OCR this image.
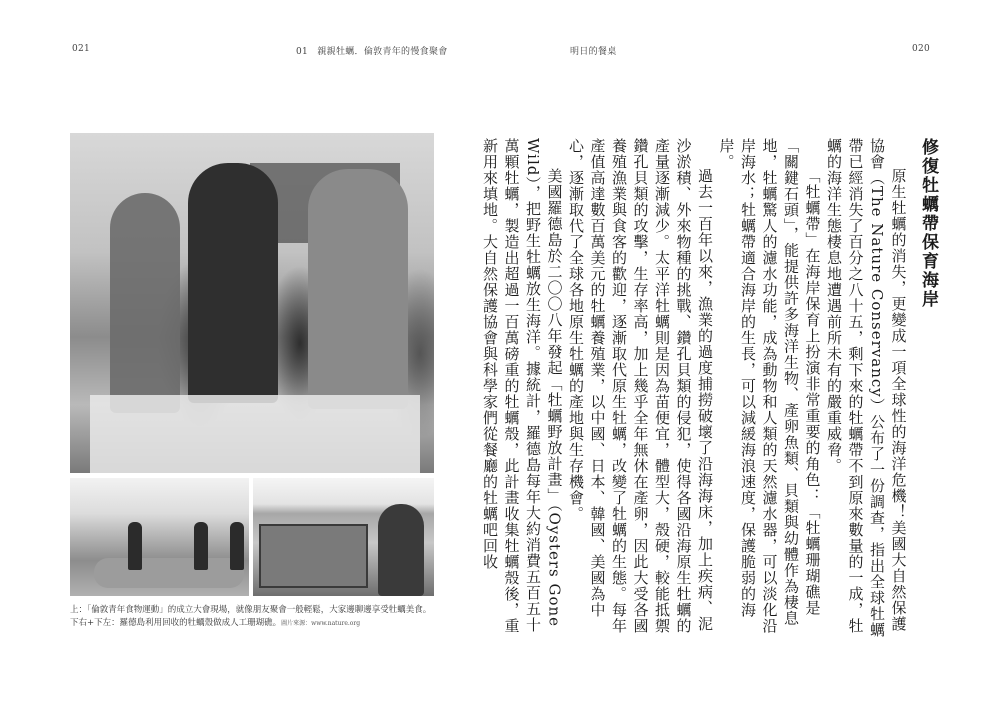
021	01　親親牡蠣．倫敦青年的慢食聚會	明日的餐桌	020
上：「倫敦青年食物運動」的成立大會現場，就像朋友聚會一般輕鬆，大家邊聊邊享受牡蠣美食。
下右+下左：羅德島利用回收的牡蠣殼做成人工珊瑚礁。圖片來源：www.nature.org
修復牡蠣帶保育海岸

原生牡蠣的消失，更變成一項全球性的海洋危機！美國大自然保護協會（The Nature Conservancy）公布了一份調查，指出全球牡蠣帶已經消失了百分之八十五，剩下來的牡蠣帶不到原來數量的一成，牡蠣的海洋生態棲息地遭遇前所未有的嚴重威脅。

「牡蠣帶」在海岸保育上扮演非常重要的角色：「牡蠣珊瑚礁是「關鍵石頭」，能提供許多海洋生物、產卵魚類、貝類與幼體作為棲息地，牡蠣驚人的濾水功能，成為動物和人類的天然濾水器，可以淡化沿岸海水；牡蠣帶適合海岸的生長，可以減緩海浪速度，保護脆弱的海岸。

過去一百年以來，漁業的過度捕撈破壞了沿海海床，加上疾病、泥沙淤積、外來物種的挑戰、鑽孔貝類的侵犯，使得各國沿海原生牡蠣的產量逐漸減少。太平洋牡蠣則是因為苗便宜，體型大，殼硬，較能抵禦鑽孔貝類的攻擊，生存率高，加上幾乎全年無休在產卵，因此大受各國養殖漁業與食客的歡迎，逐漸取代原生牡蠣，改變了牡蠣的生態。每年產值高達數百萬美元的牡蠣養殖業，以中國、日本、韓國、美國為中心，逐漸取代了全球各地原生牡蠣的產地與生存機會。

美國羅德島於二〇〇八年發起「牡蠣野放計畫」（Oysters Gone Wild），把野生牡蠣放生海洋。據統計，羅德島每年大約消費五百五十萬顆牡蠣，製造出超過一百萬磅重的牡蠣殼，此計畫收集牡蠣殼後，重新用來填地。大自然保護協會與科學家們從餐廳的牡蠣吧回收
